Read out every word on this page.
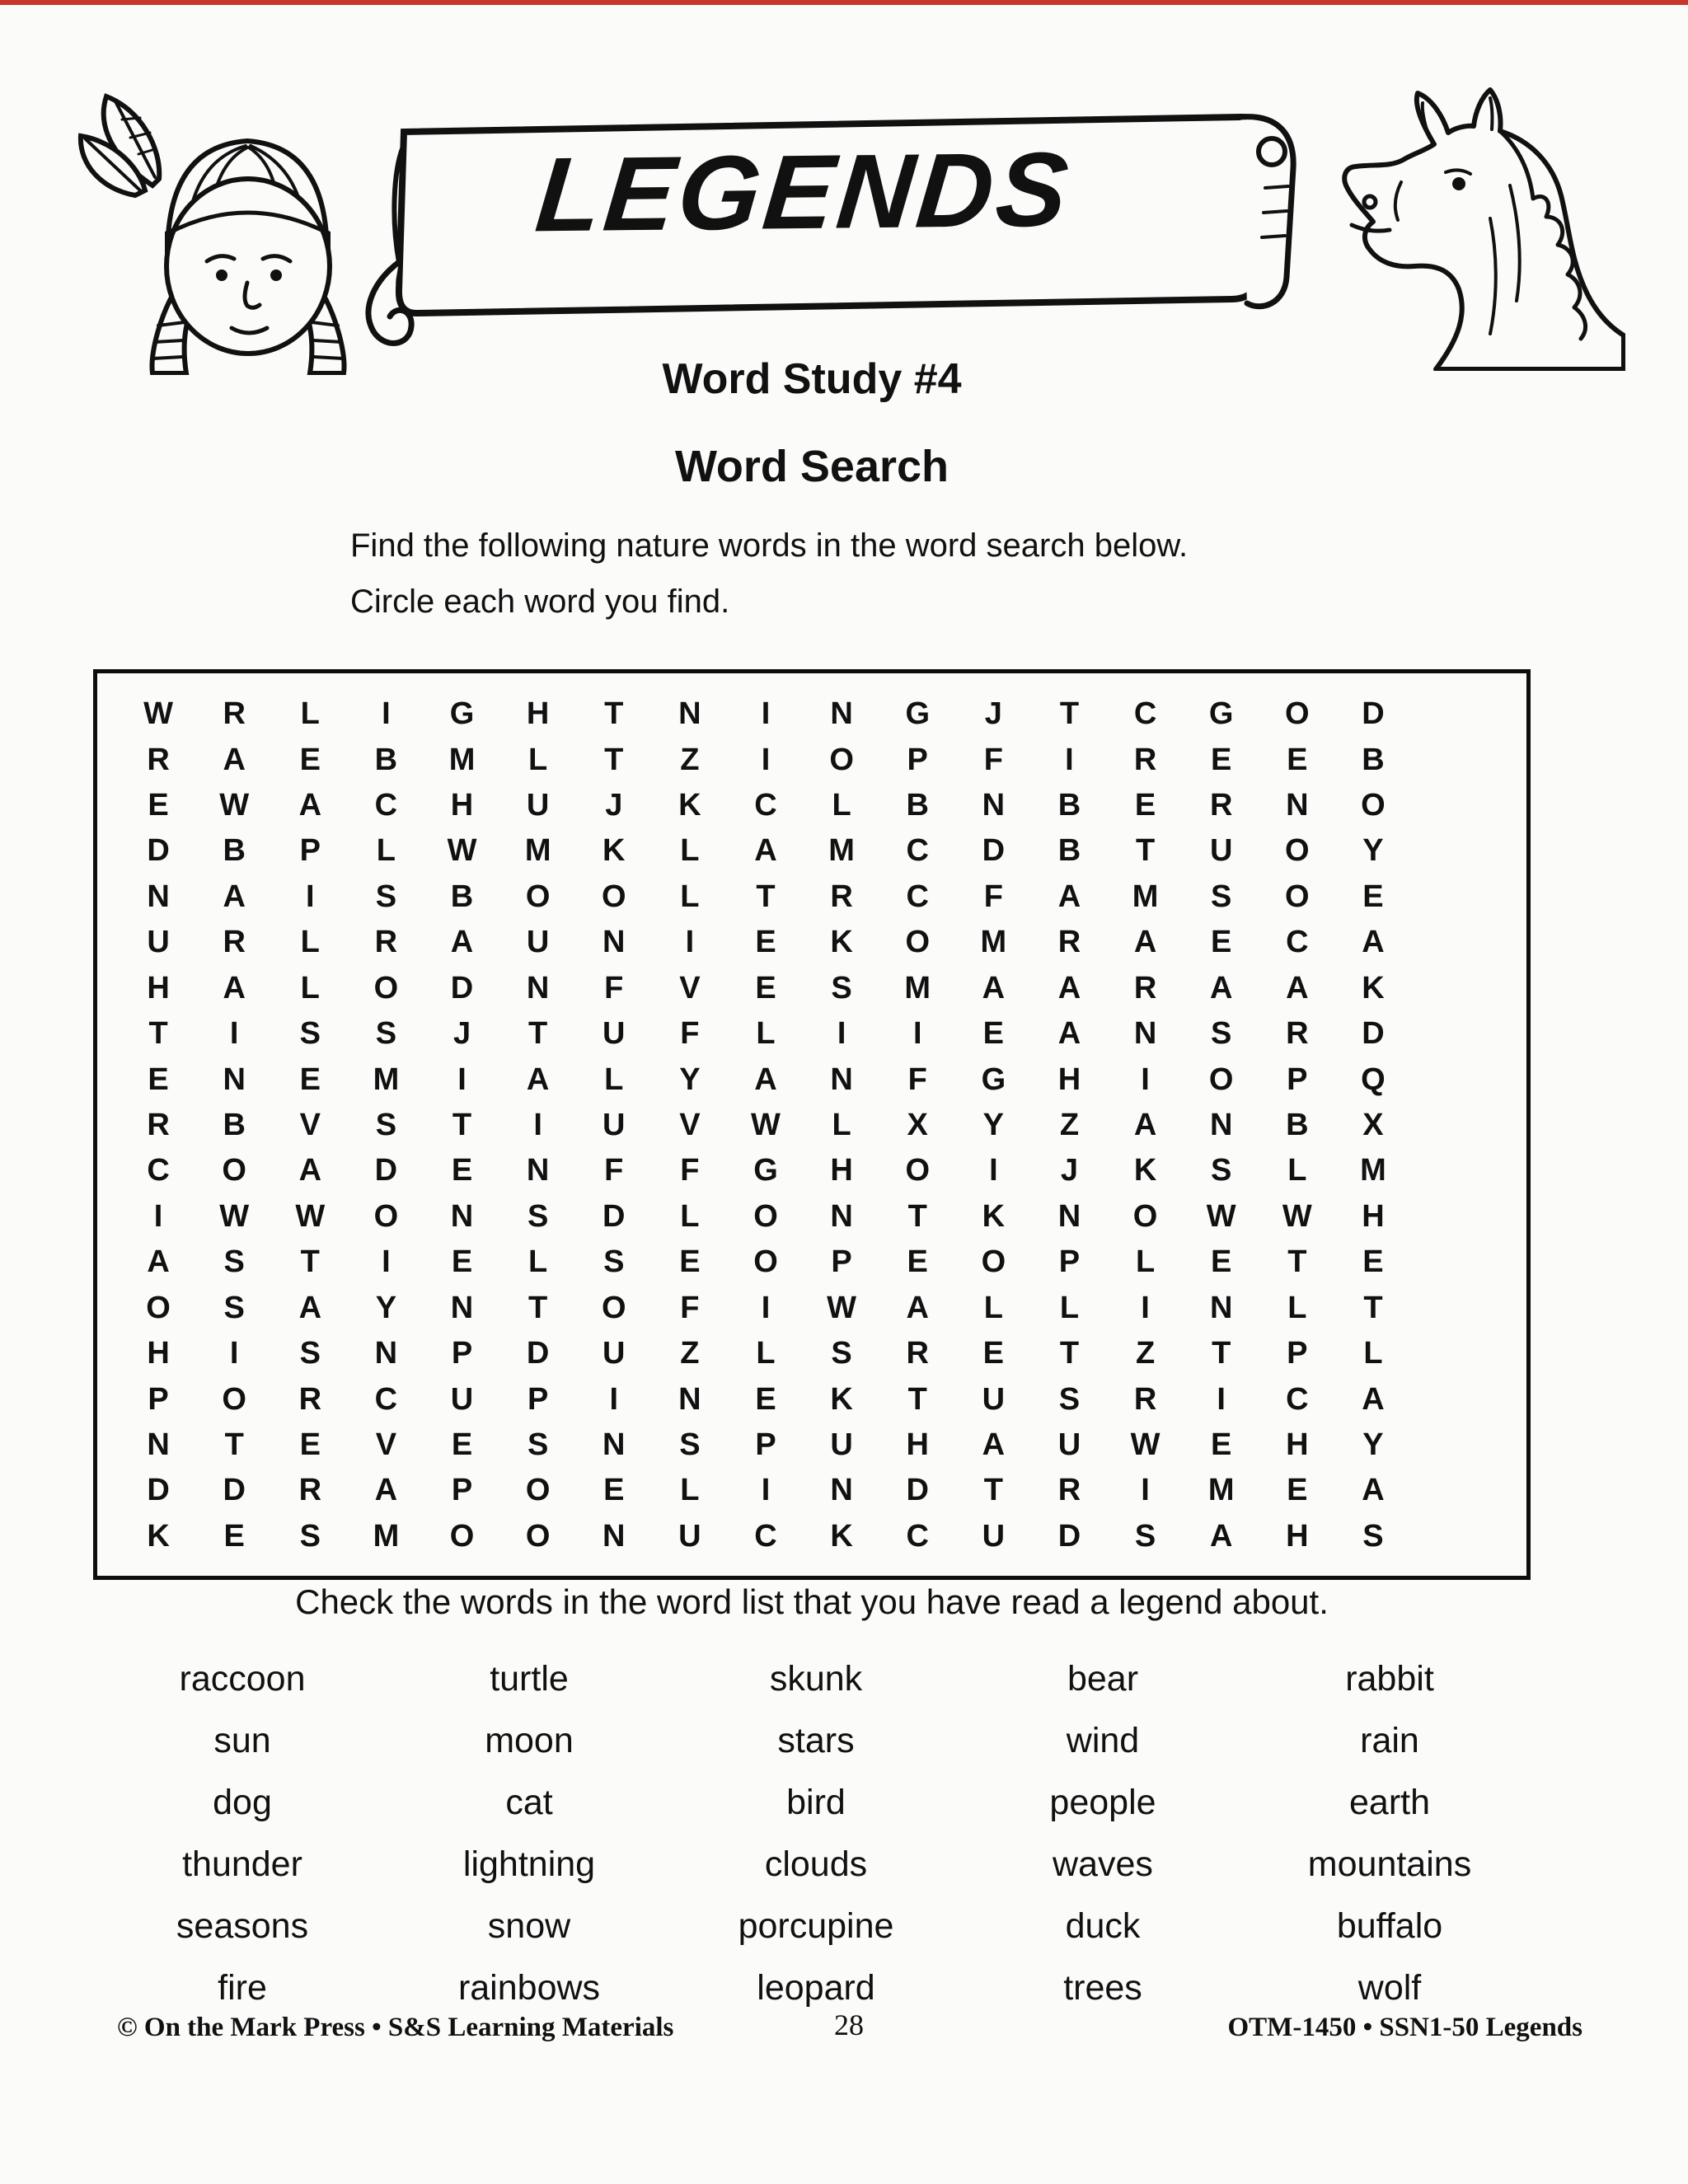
LEGENDS
Word Study #4
Word Search
Find the following nature words in the word search below.
Circle each word you find.
W	R	L	I	G	H	T	N	I	N	G	J	T	C	G	O	D
R	A	E	B	M	L	T	Z	I	O	P	F	I	R	E	E	B
E	W	A	C	H	U	J	K	C	L	B	N	B	E	R	N	O
D	B	P	L	W	M	K	L	A	M	C	D	B	T	U	O	Y
N	A	I	S	B	O	O	L	T	R	C	F	A	M	S	O	E
U	R	L	R	A	U	N	I	E	K	O	M	R	A	E	C	A
H	A	L	O	D	N	F	V	E	S	M	A	A	R	A	A	K
T	I	S	S	J	T	U	F	L	I	I	E	A	N	S	R	D
E	N	E	M	I	A	L	Y	A	N	F	G	H	I	O	P	Q
R	B	V	S	T	I	U	V	W	L	X	Y	Z	A	N	B	X
C	O	A	D	E	N	F	F	G	H	O	I	J	K	S	L	M
I	W	W	O	N	S	D	L	O	N	T	K	N	O	W	W	H
A	S	T	I	E	L	S	E	O	P	E	O	P	L	E	T	E
O	S	A	Y	N	T	O	F	I	W	A	L	L	I	N	L	T
H	I	S	N	P	D	U	Z	L	S	R	E	T	Z	T	P	L
P	O	R	C	U	P	I	N	E	K	T	U	S	R	I	C	A
N	T	E	V	E	S	N	S	P	U	H	A	U	W	E	H	Y
D	D	R	A	P	O	E	L	I	N	D	T	R	I	M	E	A
K	E	S	M	O	O	N	U	C	K	C	U	D	S	A	H	S
Check the words in the word list that you have read a legend about.
raccoon	turtle	skunk	bear	rabbit
sun	moon	stars	wind	rain
dog	cat	bird	people	earth
thunder	lightning	clouds	waves	mountains
seasons	snow	porcupine	duck	buffalo
fire	rainbows	leopard	trees	wolf
© On the Mark Press • S&S Learning Materials	28	OTM-1450 • SSN1-50 Legends
